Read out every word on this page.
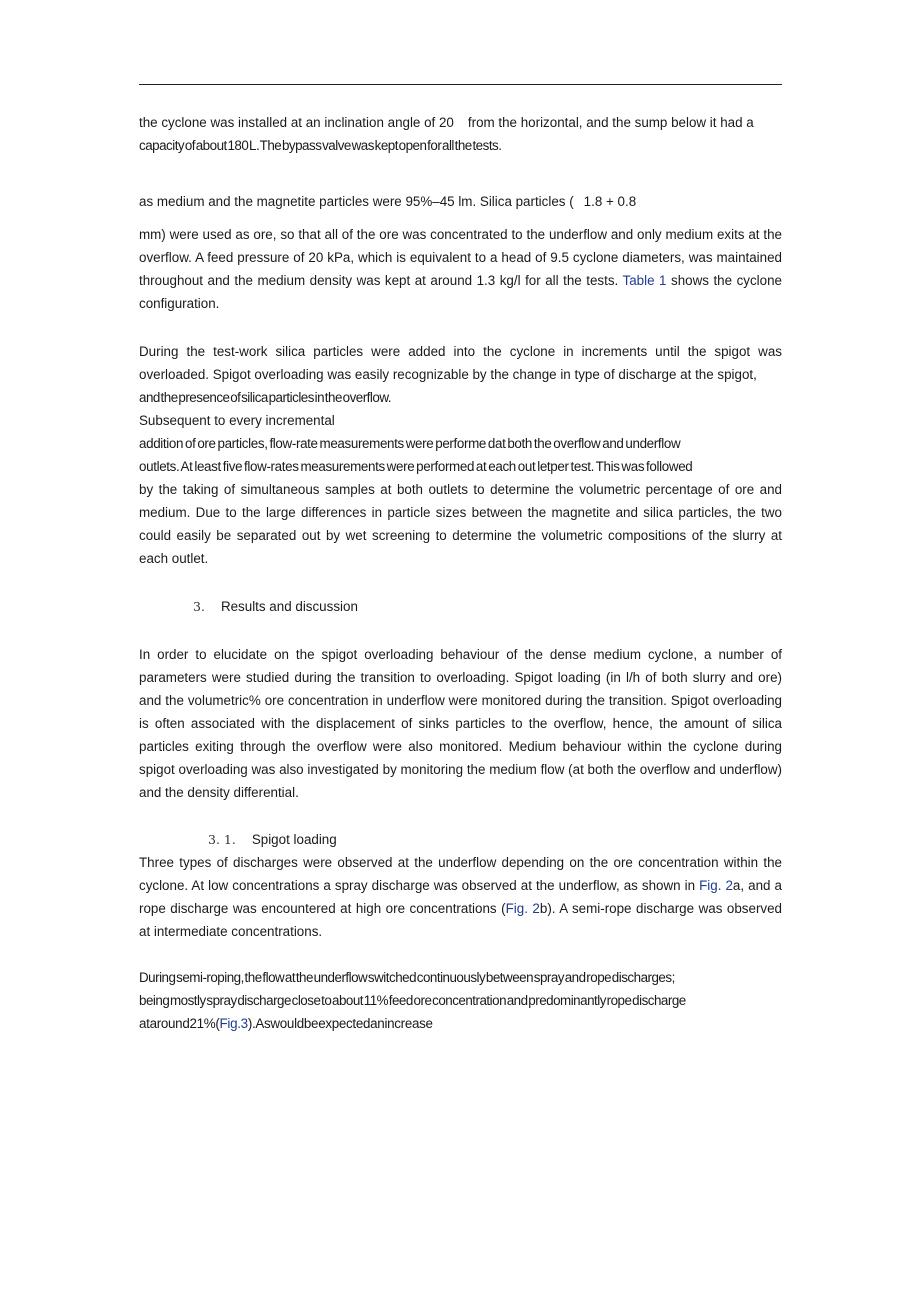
the cyclone was installed at an inclination angle of 20 from the horizontal, and the sump below it had a
capacity of about 180 L. The bypass valve was kept open for all the tests.
as medium and the magnetite particles were 95%–45 lm. Silica particles ( 1.8 + 0.8
mm) were used as ore, so that all of the ore was concentrated to the underflow and only medium exits at the overflow. A feed pressure of 20 kPa, which is equivalent to a head of 9.5 cyclone diameters, was maintained throughout and the medium density was kept at around 1.3 kg/l for all the tests. Table 1 shows the cyclone configuration.
During the test-work silica particles were added into the cyclone in increments until the spigot was overloaded. Spigot overloading was easily recognizable by the change in type of discharge at the spigot,
and the presence of silica particles in the overflow.
Subsequent to every incremental
addition of ore particles, flow-rate measurements were performe dat both the overflow and underflow
outlets. At least five flow-rates measurements were performed at each out letper test. This was followed
by the taking of simultaneous samples at both outlets to determine the volumetric percentage of ore and medium. Due to the large differences in particle sizes between the magnetite and silica particles, the two could easily be separated out by wet screening to determine the volumetric compositions of the slurry at each outlet.
3. Results and discussion
In order to elucidate on the spigot overloading behaviour of the dense medium cyclone, a number of parameters were studied during the transition to overloading. Spigot loading (in l/h of both slurry and ore) and the volumetric% ore concentration in underflow were monitored during the transition. Spigot overloading is often associated with the displacement of sinks particles to the overflow, hence, the amount of silica particles exiting through the overflow were also monitored. Medium behaviour within the cyclone during spigot overloading was also investigated by monitoring the medium flow (at both the overflow and underflow) and the density differential.
3. 1. Spigot loading
Three types of discharges were observed at the underflow depending on the ore concentration within the cyclone. At low concentrations a spray discharge was observed at the underflow, as shown in Fig. 2a, and a rope discharge was encountered at high ore concentrations (Fig. 2b). A semi-rope discharge was observed at intermediate concentrations.
During semi-roping, the flow at the underflow switched continuously between spray and rope discharges;
being mostly spray discharge close to about 11% feed ore concentration and predominantly rope discharge
ataround21%(Fig.3).Aswouldbeexpectedanincrease
